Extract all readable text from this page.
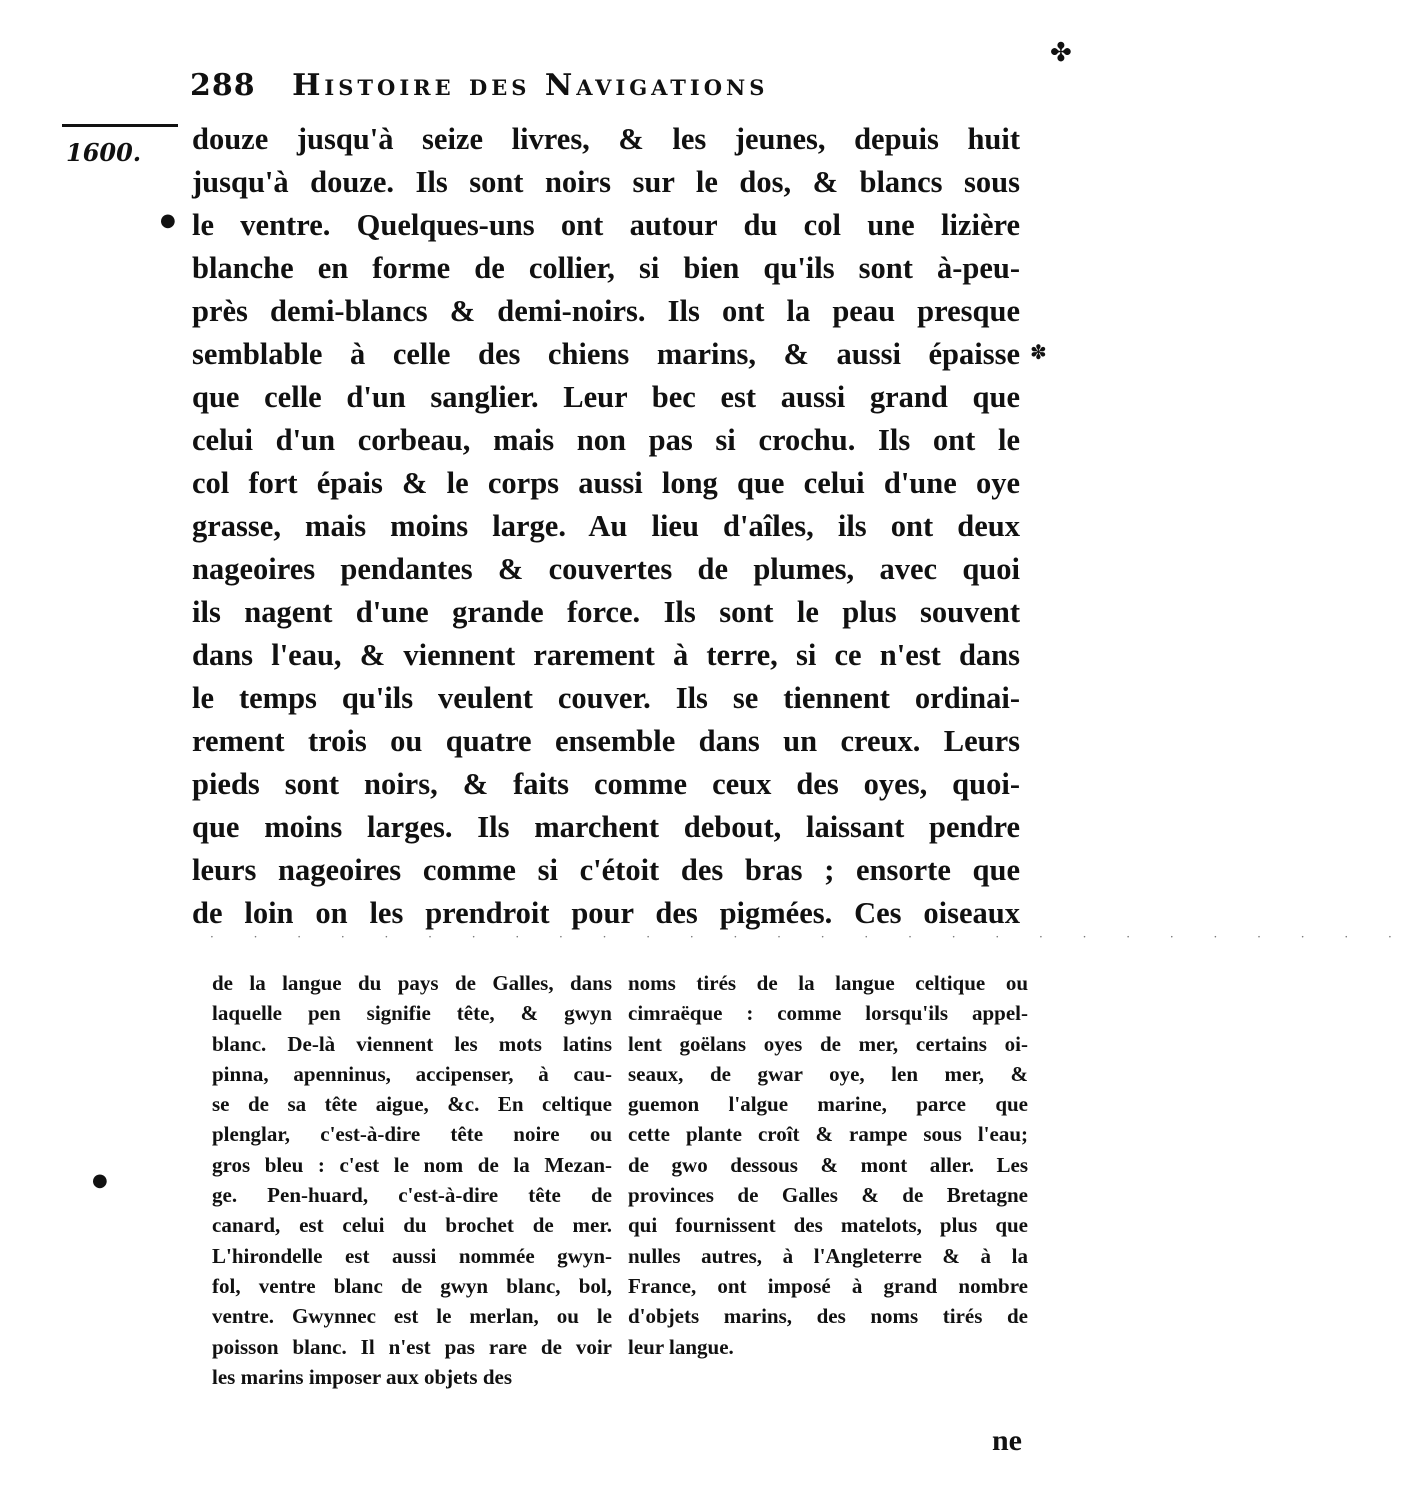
✤
288 Histoire des Navigations
1600.
●
●
✽
douze jusqu'à seize livres, & les jeunes, depuis huit
jusqu'à douze. Ils sont noirs sur le dos, & blancs sous
le ventre. Quelques-uns ont autour du col une lizière
blanche en forme de collier, si bien qu'ils sont à-peu-
près demi-blancs & demi-noirs. Ils ont la peau presque
semblable à celle des chiens marins, & aussi épaisse
que celle d'un sanglier. Leur bec est aussi grand que
celui d'un corbeau, mais non pas si crochu. Ils ont le
col fort épais & le corps aussi long que celui d'une oye
grasse, mais moins large. Au lieu d'aîles, ils ont deux
nageoires pendantes & couvertes de plumes, avec quoi
ils nagent d'une grande force. Ils sont le plus souvent
dans l'eau, & viennent rarement à terre, si ce n'est dans
le temps qu'ils veulent couver. Ils se tiennent ordinai-
rement trois ou quatre ensemble dans un creux. Leurs
pieds sont noirs, & faits comme ceux des oyes, quoi-
que moins larges. Ils marchent debout, laissant pendre
leurs nageoires comme si c'étoit des bras ; ensorte que
de loin on les prendroit pour des pigmées. Ces oiseaux
· · · · · · · · · · · · · · · · · · · · · · · · · · · ·
de la langue du pays de Galles, dans
laquelle pen signifie tête, & gwyn
blanc. De-là viennent les mots latins
pinna, apenninus, accipenser, à cau-
se de sa tête aigue, &c. En celtique
plenglar, c'est-à-dire tête noire ou
gros bleu : c'est le nom de la Mezan-
ge. Pen-huard, c'est-à-dire tête de
canard, est celui du brochet de mer.
L'hirondelle est aussi nommée gwyn-
fol, ventre blanc de gwyn blanc, bol,
ventre. Gwynnec est le merlan, ou le
poisson blanc. Il n'est pas rare de voir
les marins imposer aux objets des
noms tirés de la langue celtique ou
cimraëque : comme lorsqu'ils appel-
lent goëlans oyes de mer, certains oi-
seaux, de gwar oye, len mer, &
guemon l'algue marine, parce que
cette plante croît & rampe sous l'eau;
de gwo dessous & mont aller. Les
provinces de Galles & de Bretagne
qui fournissent des matelots, plus que
nulles autres, à l'Angleterre & à la
France, ont imposé à grand nombre
d'objets marins, des noms tirés de
leur langue.
ne
